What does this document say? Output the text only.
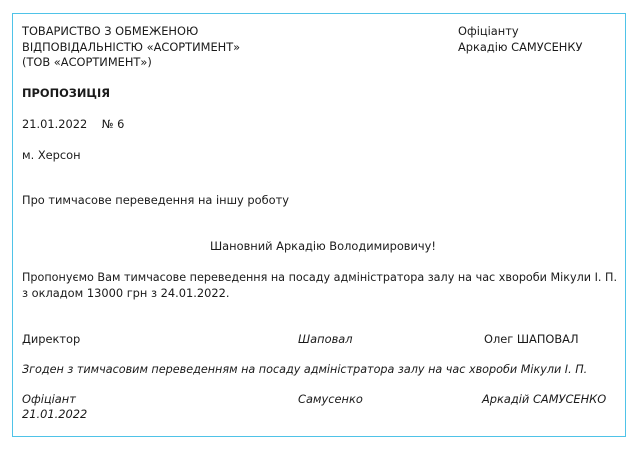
ТОВАРИСТВО З ОБМЕЖЕНОЮ
ВІДПОВІДАЛЬНІСТЮ «АСОРТИМЕНТ»
(ТОВ «АСОРТИМЕНТ»)
Офіціанту
Аркадію САМУСЕНКУ
ПРОПОЗИЦІЯ
21.01.2022    № 6
м. Херсон
Про тимчасове переведення на іншу роботу
Шановний Аркадію Володимировичу!
Пропонуємо Вам тимчасове переведення на посаду адміністратора залу на час хвороби Мікули І. П.
з окладом 13000 грн з 24.01.2022.
Директор	Шаповал	Олег ШАПОВАЛ
Згоден з тимчасовим переведенням на посаду адміністратора залу на час хвороби Мікули І. П.
Офіціант
21.01.2022
Самусенко	Аркадій САМУСЕНКО
